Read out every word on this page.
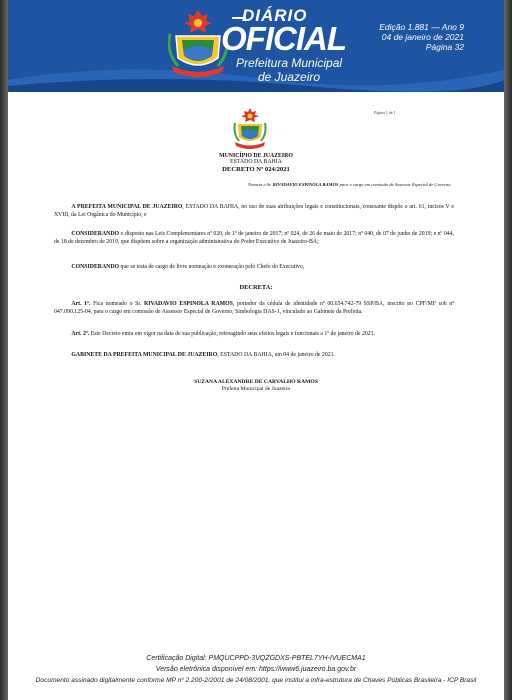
DIÁRIO
OFICIAL
Prefeitura Municipal
de Juazeiro
Edição 1.881 — Ano 9
04 de janeiro de 2021
Página 32
Página 1 de 1
MUNICÍPIO DE JUAZEIRO
ESTADO DA BAHIA
DECRETO Nº 024/2021
Nomeia o Sr. RIVADAVIO ESPINOLA RAMOS para o cargo em comissão de Assessor Especial de Governo.
   A PREFEITA MUNICIPAL DE JUAZEIRO, ESTADO DA BAHIA, no uso de suas atribuições legais e constitucionais, consoante dispõe o art. 61, incisos V e XVIII, da Lei Orgânica do Município, e
   CONSIDERANDO o disposto nas Leis Complementares nº 020, de 1º de janeiro de 2017; nº 024, de 26 de maio de 2017; nº 040, de 07 de junho de 2019; e nº 044, de 18 de dezembro de 2019, que dispõem sobre a organização administrativa do Poder Executivo de Juazeiro-BA;
   CONSIDERANDO que se trata de cargo de livre nomeação e exoneração pelo Chefe do Executivo,
DECRETA:
   Art. 1º. Fica nomeado o Sr. RIVADAVIO ESPINOLA RAMOS, portador da cédula de identidade nº 00.654.742-79 SSP/BA, inscrito no CPF/MF sob nº 047.090.125-04, para o cargo em comissão de Assessor Especial de Governo, Simbologia DAS-1, vinculado ao Gabinete da Prefeita.
   Art. 2º. Este Decreto entra em vigor na data de sua publicação, retroagindo seus efeitos legais e funcionais a 1º de janeiro de 2021.
   GABINETE DA PREFEITA MUNICIPAL DE JUAZEIRO, ESTADO DA BAHIA, em 04 de janeiro de 2021.
SUZANA ALEXANDRE DE CARVALHO RAMOS
Prefeita Municipal de Juazeiro
Certificação Digital: PMQUCPPD-3VQZGDXS-PBTEL7YH-IVUECMA1
Versão eletrônica disponível em: https://www6.juazeiro.ba.gov.br
Documento assinado digitalmente conforme MP nº 2.200-2/2001 de 24/08/2001, que institui a infra-estrutura de Chaves Públicas Brasileira - ICP Brasil
